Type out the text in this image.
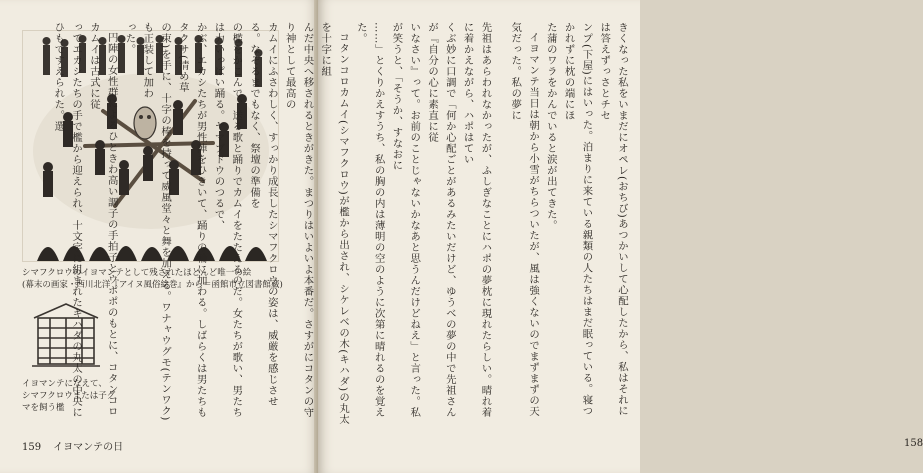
シマフクロウのイヨマンテとして残されたほとんど唯一の絵
(幕末の画家・西川北洋『アイヌ風俗絵巻』から＝函館市立図書館蔵)
イヨマンテになえて、
シマフクロウまたは子グ
マを飼う檻
159 イヨマンテの日	158

きくなった私をいまだにオペレ(おちび)あつかいして心配したから、私はそれには答えずっさとチセ

ンプ(下屋)にはいった。泊まりに来ている親類の人たちはまだ眠っている。寝つかれずに枕の端にほ

た蒲のワラをかんでいると涙が出てきた。

イヨマンテ当日は朝から小雪がちらついたが、風は強くないのでまずまずの天気だった。私の夢に

先祖はあらわれなかったが、ふしぎなことにハポの夢枕に現れたらしい。晴れ着に着かえながら、ハポはてい

くぶ妙に口調で「何か心配ごとがあるみたいだけど、ゆうべの夢の中で先祖さんが『自分の心に素直に従

いなさい』って。お前のことじゃないかなあと思うんだけどねえ」と言った。私が笑うと、「そうか、すなおに

……」とくりかえすうち、私の胸の内は薄明の空のように次第に晴れるのを覚えた。

コタンコロカムイ(シマフクロウ)が檻から出され、シケレベの木(キハダ)の丸太を十字に組

んだ中央へ移されるときがきた。まつりはいよいよ本番だ。さすがにコタンの守り神として最高の

カムイにふさわしく、すっかり成長したシマフクロウの姿は、威厳を感じさせる。なぞるまでもなく、祭壇の準備を

の檻をかこんで、送る歌と踊りでカムイをたたえるのだ。女たちが歌い、男たちは力いっぱい踊る。ヤマブドウのつるで、

かぶ、エカシたちが男性陣をひきいて、踊りの輪に加わる。しばらくは男たちもタクサ(清め草

の束)を手に、十字の棒を持って威風堂々と舞を加える。ワナャウグモ(テンワク)も正装して加わ

った。

円陣の女性群によるひときわ高い調子の手拍子とウポポのもとに、コタンコロカムイは古式に従

ってエカシたちの手で檻から迎えられ、十文字に組まれたキハダの丸太の中央にひもですえられた。選
